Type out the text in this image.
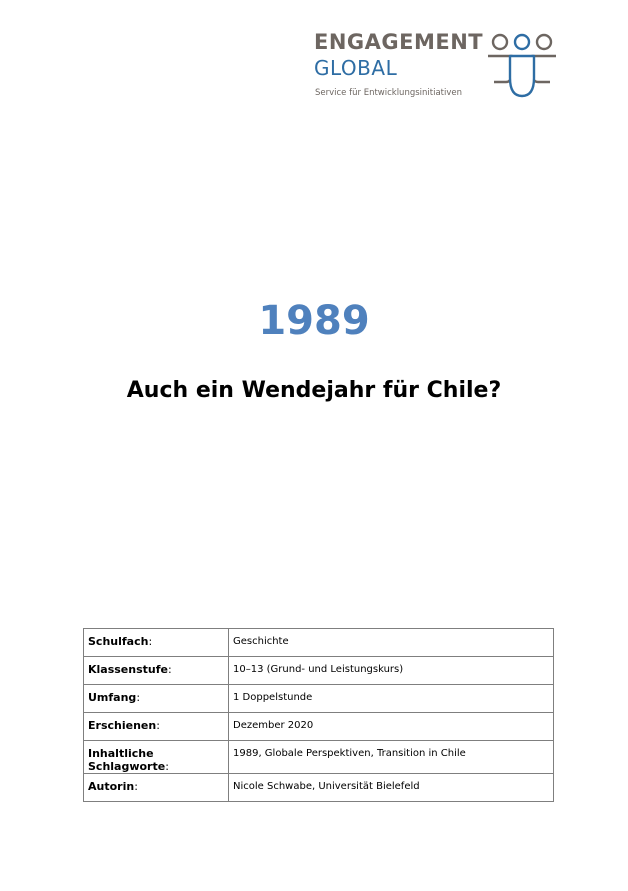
ENGAGEMENT
GLOBAL
Service für Entwicklungsinitiativen
1989
Auch ein Wendejahr für Chile?
Schulfach:	Geschichte
Klassenstufe:	10–13 (Grund- und Leistungskurs)
Umfang:	1 Doppelstunde
Erschienen:	Dezember 2020
Inhaltliche Schlagworte:	1989, Globale Perspektiven, Transition in Chile
Autorin:	Nicole Schwabe, Universität Bielefeld
